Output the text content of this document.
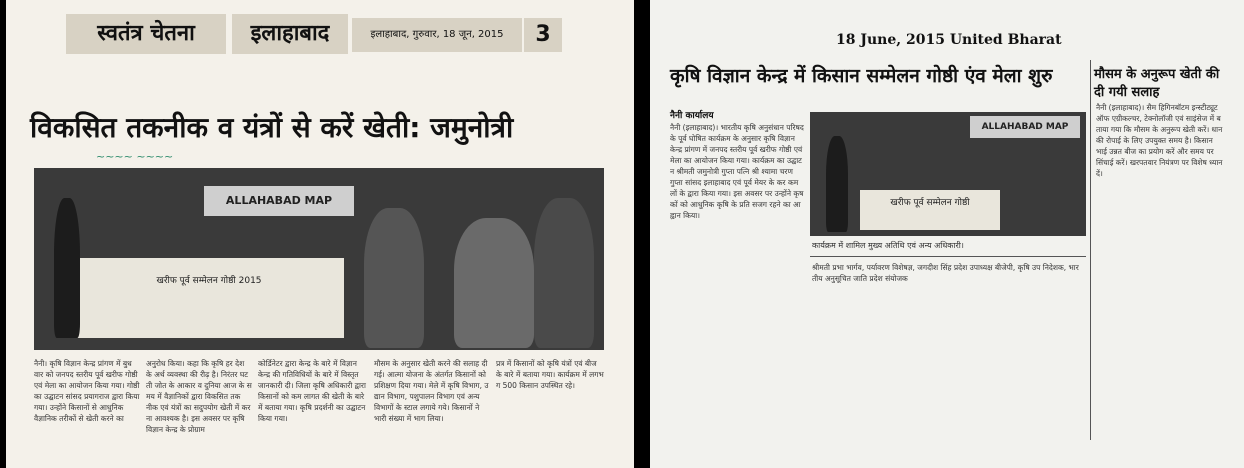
स्वतंत्र चेतना	इलाहाबाद	इलाहाबाद, गुरुवार, 18 जून, 2015	3
विकसित तकनीक व यंत्रों से करें खेती: जमुनोत्री
~~~~ ~~~~
ALLAHABAD MAP
खरीफ पूर्व सम्मेलन गोष्ठी 2015
नैनी। कृषि विज्ञान केन्द्र प्रांगण में बुधवार को जनपद स्तरीय पूर्व खरीफ गोष्ठी एवं मेला का आयोजन किया गया। गोष्ठी का उद्घाटन सांसद प्रयागराज द्वारा किया गया। उन्होंने किसानों से आधुनिक वैज्ञानिक तरीकों से खेती करने का
अनुरोध किया। कहा कि कृषि हर देश के अर्थ व्यवस्था की रीढ़ है। निरंतर घटती जोत के आकार व दुनिया आज के समय में वैज्ञानिकों द्वारा विकसित तकनीक एवं यंत्रों का सदुपयोग खेती में करना आवश्यक है। इस अवसर पर कृषि विज्ञान केन्द्र के प्रोग्राम
कोर्डिनेटर द्वारा केन्द्र के बारे में विज्ञान केन्द्र की गतिविधियों के बारे में विस्तृत जानकारी दी। जिला कृषि अधिकारी द्वारा किसानों को कम लागत की खेती के बारे में बताया गया। कृषि प्रदर्शनी का उद्घाटन किया गया।
मौसम के अनुसार खेती करने की सलाह दी गई। आत्मा योजना के अंतर्गत किसानों को प्रशिक्षण दिया गया। मेले में कृषि विभाग, उद्यान विभाग, पशुपालन विभाग एवं अन्य विभागों के स्टाल लगाये गये। किसानों ने भारी संख्या में भाग लिया।
प्रत्र में किसानों को कृषि यंत्रों एवं बीज के बारे में बताया गया। कार्यक्रम में लगभग 500 किसान उपस्थित रहे।
18 June, 2015 United Bharat
कृषि विज्ञान केन्द्र में किसान सम्मेलन गोष्ठी एंव मेला शुरु	मौसम के अनुरूप खेती की दी गयी सलाह
नैनी कार्यालय
नैनी (इलाहाबाद)। भारतीय कृषि अनुसंधान परिषद के पूर्व घोषित कार्यक्रम के अनुसार कृषि विज्ञान केन्द्र प्रांगण में जनपद स्तरीय पूर्व खरीफ गोष्ठी एवं मेला का आयोजन किया गया। कार्यक्रम का उद्घाटन श्रीमती जमुनोत्री गुप्ता पत्नि श्री श्यामा चरण गुप्ता सांसद इलाहाबाद एवं पूर्व मेयर के कर कमलों के द्वारा किया गया। इस अवसर पर उन्होंने कृषकों को आधुनिक कृषि के प्रति सजग रहने का आह्वान किया।
ALLAHABAD MAP
खरीफ पूर्व सम्मेलन गोष्ठी
कार्यक्रम में शामिल मुख्य अतिथि एवं अन्य अधिकारी।
श्रीमती प्रभा भार्गव, पर्यावरण विशेषज्ञ, जगदीश सिंह प्रदेश उपाध्यक्ष बीजेपी, कृषि उप निदेशक, भारतीय अनुसूचित जाति प्रदेश संयोजक
नैनी (इलाहाबाद)। सैम हिगिनबॉटम इन्स्टीट्यूट ऑफ एग्रीकल्चर, टेक्नोलॉजी एवं साइंसेज में बताया गया कि मौसम के अनुरूप खेती करें। धान की रोपाई के लिए उपयुक्त समय है। किसान भाई उन्नत बीज का प्रयोग करें और समय पर सिंचाई करें। खरपतवार नियंत्रण पर विशेष ध्यान दें।
